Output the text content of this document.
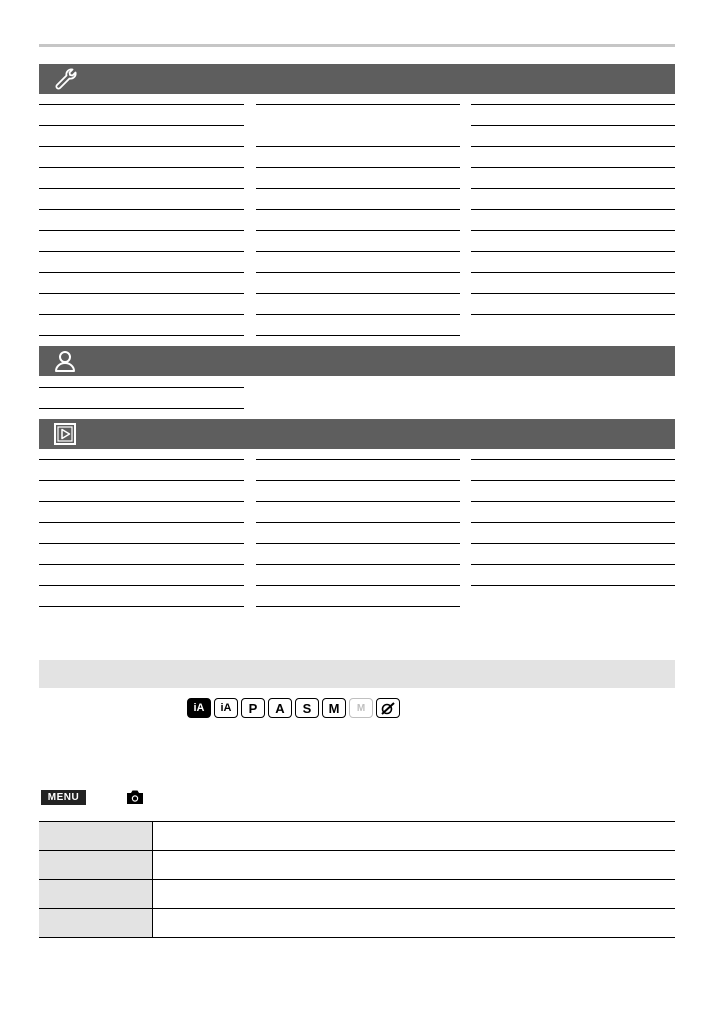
iA	iA	P	A	S	M	M
MENU
